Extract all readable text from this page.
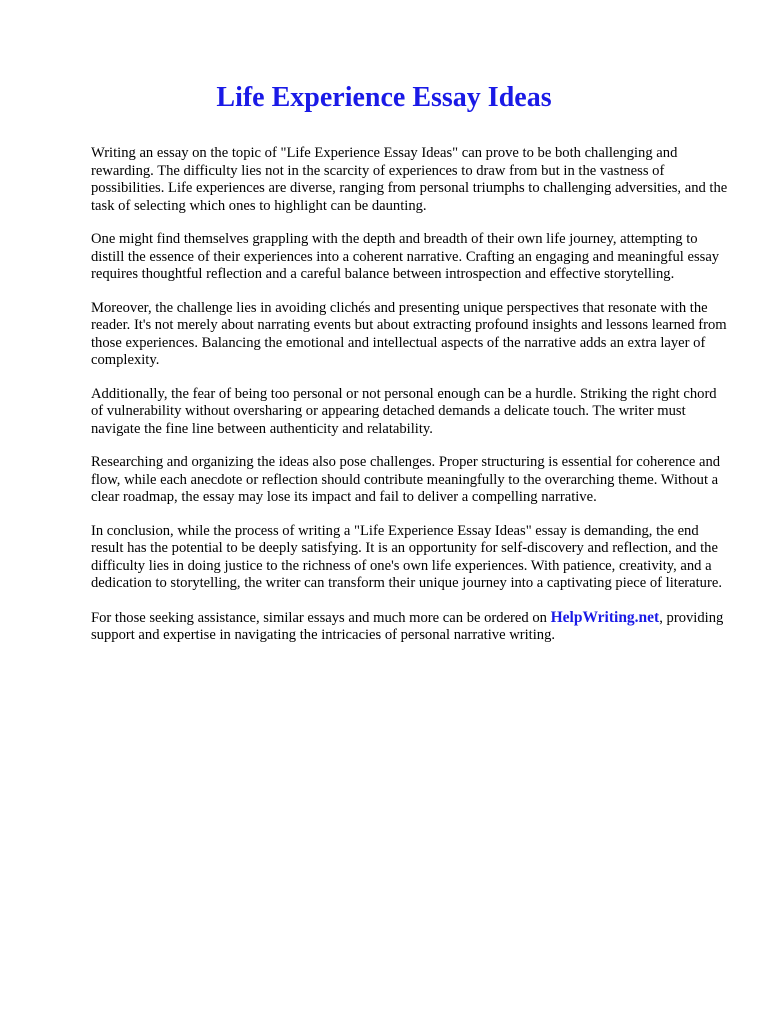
Life Experience Essay Ideas

Writing an essay on the topic of "Life Experience Essay Ideas" can prove to be both challenging and rewarding. The difficulty lies not in the scarcity of experiences to draw from but in the vastness of possibilities. Life experiences are diverse, ranging from personal triumphs to challenging adversities, and the task of selecting which ones to highlight can be daunting.

One might find themselves grappling with the depth and breadth of their own life journey, attempting to distill the essence of their experiences into a coherent narrative. Crafting an engaging and meaningful essay requires thoughtful reflection and a careful balance between introspection and effective storytelling.

Moreover, the challenge lies in avoiding clichés and presenting unique perspectives that resonate with the reader. It's not merely about narrating events but about extracting profound insights and lessons learned from those experiences. Balancing the emotional and intellectual aspects of the narrative adds an extra layer of complexity.

Additionally, the fear of being too personal or not personal enough can be a hurdle. Striking the right chord of vulnerability without oversharing or appearing detached demands a delicate touch. The writer must navigate the fine line between authenticity and relatability.

Researching and organizing the ideas also pose challenges. Proper structuring is essential for coherence and flow, while each anecdote or reflection should contribute meaningfully to the overarching theme. Without a clear roadmap, the essay may lose its impact and fail to deliver a compelling narrative.

In conclusion, while the process of writing a "Life Experience Essay Ideas" essay is demanding, the end result has the potential to be deeply satisfying. It is an opportunity for self-discovery and reflection, and the difficulty lies in doing justice to the richness of one's own life experiences. With patience, creativity, and a dedication to storytelling, the writer can transform their unique journey into a captivating piece of literature.

For those seeking assistance, similar essays and much more can be ordered on HelpWriting.net, providing support and expertise in navigating the intricacies of personal narrative writing.
